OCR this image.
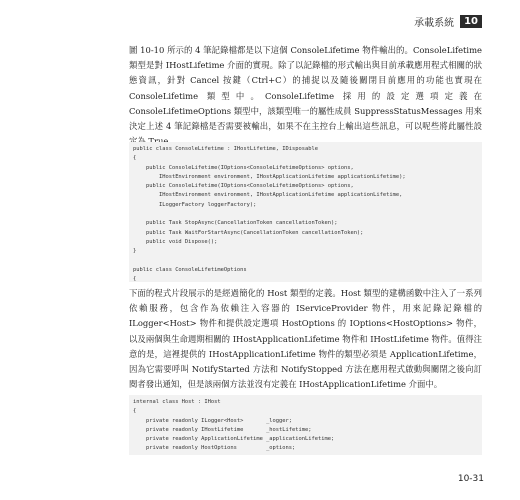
承載系統	10

圖 10-10 所示的 4 筆記錄檔都是以下這個 ConsoleLifetime 物件輸出的。ConsoleLifetime 類型是對 IHostLifetime 介面的實現。除了以記錄檔的形式輸出與目前承載應用程式相關的狀態資訊，針對 Cancel 按鍵（Ctrl+C）的捕捉以及隨後關閉目前應用的功能也實現在 ConsoleLifetime 類型中。ConsoleLifetime 採用的設定選項定義在 ConsoleLifetimeOptions 類型中，該類型唯一的屬性成員 SuppressStatusMessages 用來決定上述 4 筆記錄檔是否需要被輸出，如果不在主控台上輸出這些訊息，可以呢些將此屬性設

public class ConsoleLifetime : IHostLifetime, IDisposable
{
public ConsoleLifetime(IOptions<ConsoleLifetimeOptions> options,
IHostEnvironment environment, IHostApplicationLifetime applicationLifetime);
public ConsoleLifetime(IOptions<ConsoleLifetimeOptions> options,
IHostEnvironment environment, IHostApplicationLifetime applicationLifetime,
ILoggerFactory loggerFactory);
public Task StopAsync(CancellationToken cancellationToken);
public Task WaitForStartAsync(CancellationToken cancellationToken);
public void Dispose();
}
public class ConsoleLifetimeOptions
{

下面的程式片段展示的是經過簡化的 Host 類型的定義。Host 類型的建構函數中注入了一系列依賴服務，包含作為依賴注入容器的 IServiceProvider 物件，用來記錄記錄檔的 ILogger<Host> 物件和提供設定選項 HostOptions 的 IOptions<HostOptions> 物件，以及兩個與生命週期相關的 IHostApplicationLifetime 物件和 IHostLifetime 物件。值得注意的是，這裡提供的 IHostApplicationLifetime 物件的類型必須是 ApplicationLifetime，因為它需要呼叫 NotifyStarted 方法和 NotifyStopped 方法在應用程式啟動與關閉之後向訂閱者發出通知，但是該兩個方法並沒有定義在 IHostApplicationLifetime 介面中。

internal class Host : IHost
{
private readonly ILogger<Host>       _logger;
private readonly IHostLifetime       _hostLifetime;
private readonly ApplicationLifetime _applicationLifetime;
private readonly HostOptions         _options;
10-31
